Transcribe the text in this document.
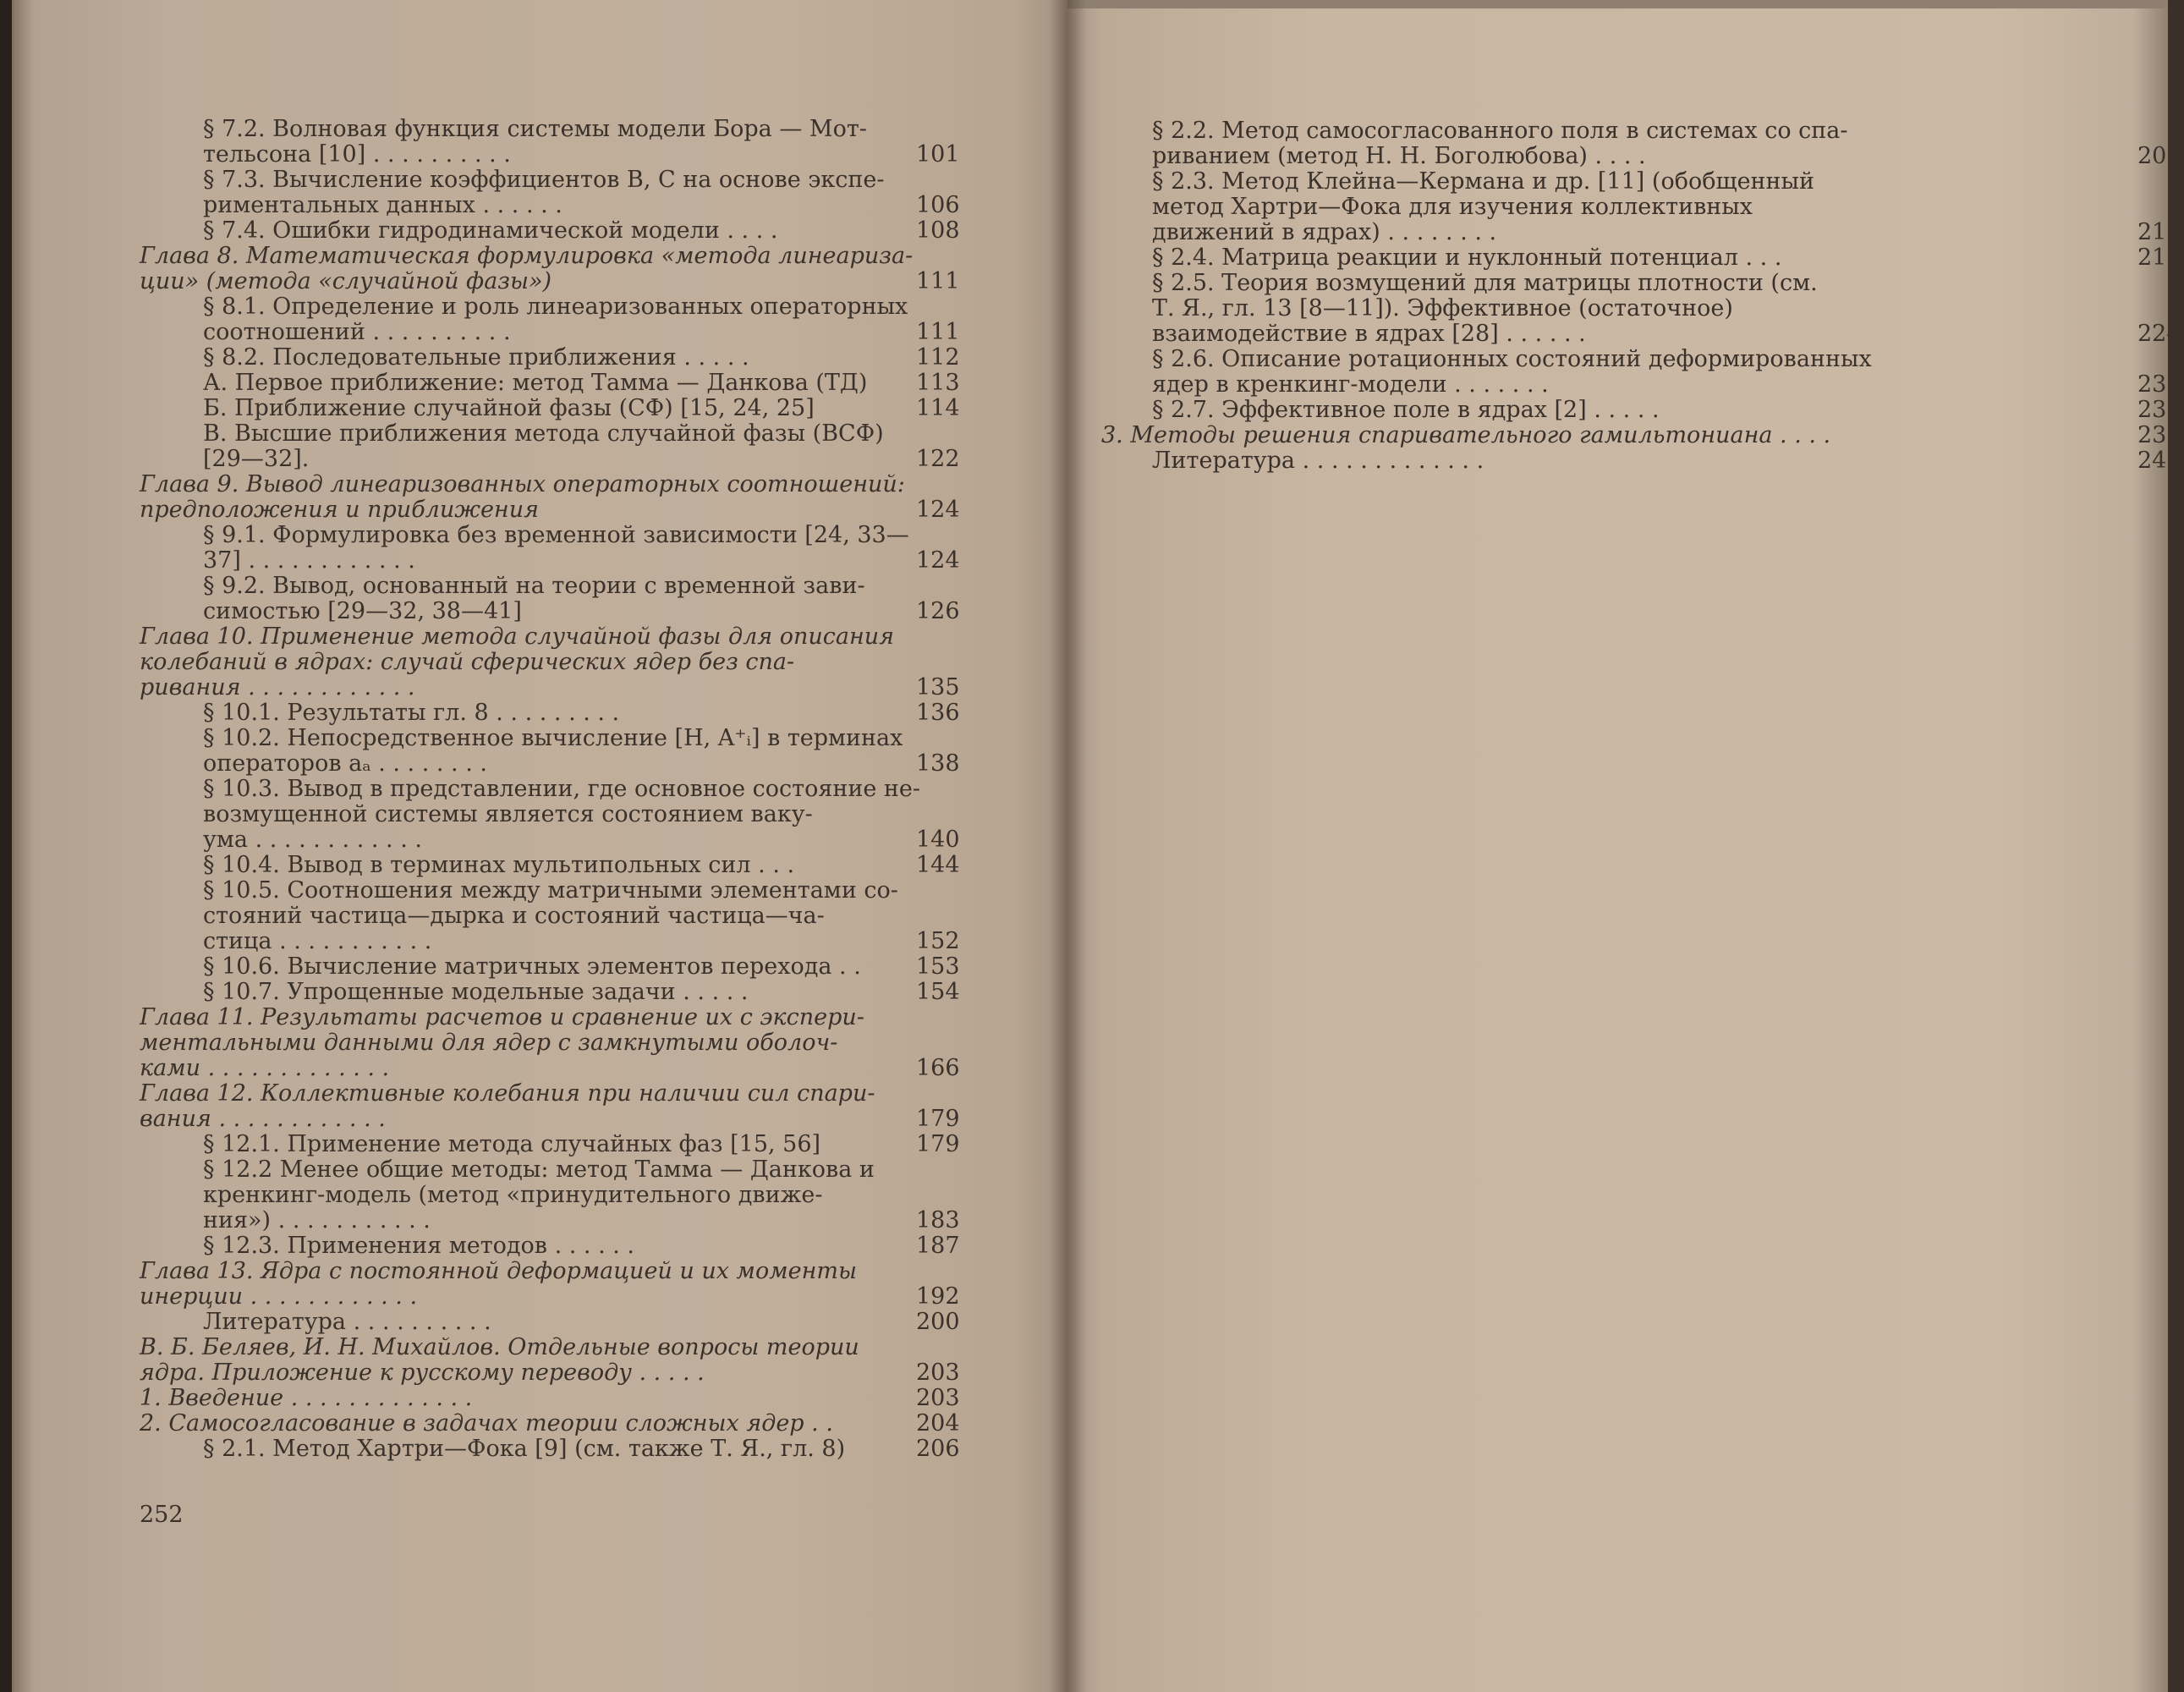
§ 7.2. Волновая функция системы модели Бора — Мот-
тельсона [10] . . . . . . . . . .	101
§ 7.3. Вычисление коэффициентов B, C на основе экспе-
риментальных данных . . . . . .	106
§ 7.4. Ошибки гидродинамической модели . . . .	108
Глава 8. Математическая формулировка «метода линеаризa-
ции» (метода «случайной фазы»)	111
§ 8.1. Определение и роль линеаризованных операторных
соотношений . . . . . . . . . .	111
§ 8.2. Последовательные приближения . . . . .	112
А. Первое приближение: метод Тамма — Данкова (ТД) 113
Б. Приближение случайной фазы (СФ) [15, 24, 25]	114
В. Высшие приближения метода случайной фазы (ВСФ)
[29—32].	122
Глава 9. Вывод линеаризованных операторных соотношений:
предположения и приближения	124
§ 9.1. Формулировка без временной зависимости [24, 33—
37] . . . . . . . . . . . .	124
§ 9.2. Вывод, основанный на теории с временной зави-
симостью [29—32, 38—41]	126
Глава 10. Применение метода случайной фазы для описания
колебаний в ядрах: случай сферических ядер без спа-
ривания . . . . . . . . . . . .	135
§ 10.1. Результаты гл. 8 . . . . . . . . .	136
§ 10.2. Непосредственное вычисление [H, A⁺ᵢ] в терминах
операторов aₐ . . . . . . . .	138
§ 10.3. Вывод в представлении, где основное состояние не-
возмущенной системы является состоянием ваку-
ума . . . . . . . . . . . .	140
§ 10.4. Вывод в терминах мультипольных сил . . .	144
§ 10.5. Соотношения между матричными элементами со-
стояний частица—дырка и состояний частица—ча-
стица . . . . . . . . . . .	152
§ 10.6. Вычисление матричных элементов перехода . . 153
§ 10.7. Упрощенные модельные задачи . . . . .	154
Глава 11. Результаты расчетов и сравнение их с экспери-
ментальными данными для ядер с замкнутыми оболоч-
ками . . . . . . . . . . . . .	166
Глава 12. Коллективные колебания при наличии сил спари-
вания . . . . . . . . . . . .	179
§ 12.1. Применение метода случайных фаз [15, 56]	179
§ 12.2 Менее общие методы: метод Тамма — Данкова и
кренкинг-модель (метод «принудительного движе-
ния») . . . . . . . . . . .	183
§ 12.3. Применения методов . . . . . .	187
Глава 13. Ядра с постоянной деформацией и их моменты
инерции . . . . . . . . . . . .	192
Литература . . . . . . . . . .	200
В. Б. Беляев, И. Н. Михайлов. Отдельные вопросы теории
ядра. Приложение к русскому переводу . . . . .	203
1. Введение . . . . . . . . . . . . .	203
2. Самосогласование в задачах теории сложных ядер . .	204
§ 2.1. Метод Хартри—Фока [9] (см. также Т. Я., гл. 8)	206
252
§ 2.2. Метод самосогласованного поля в системах со спа-
риванием (метод Н. Н. Боголюбова) . . . .	208
§ 2.3. Метод Клейна—Кермана и др. [11] (обобщенный
метод Хартри—Фока для изучения коллективных
движений в ядрах) . . . . . . . .	210
§ 2.4. Матрица реакции и нуклонный потенциал . . .	219
§ 2.5. Теория возмущений для матрицы плотности (см.
Т. Я., гл. 13 [8—11]). Эффективное (остаточное)
взаимодействие в ядрах [28] . . . . . .	224
§ 2.6. Описание ротационных состояний деформированных
ядер в кренкинг-модели . . . . . . .	231
§ 2.7. Эффективное поле в ядрах [2] . . . . .	235
3. Методы решения спаривательного гамильтониана . . . .	237
Литература . . . . . . . . . . . . .	248
